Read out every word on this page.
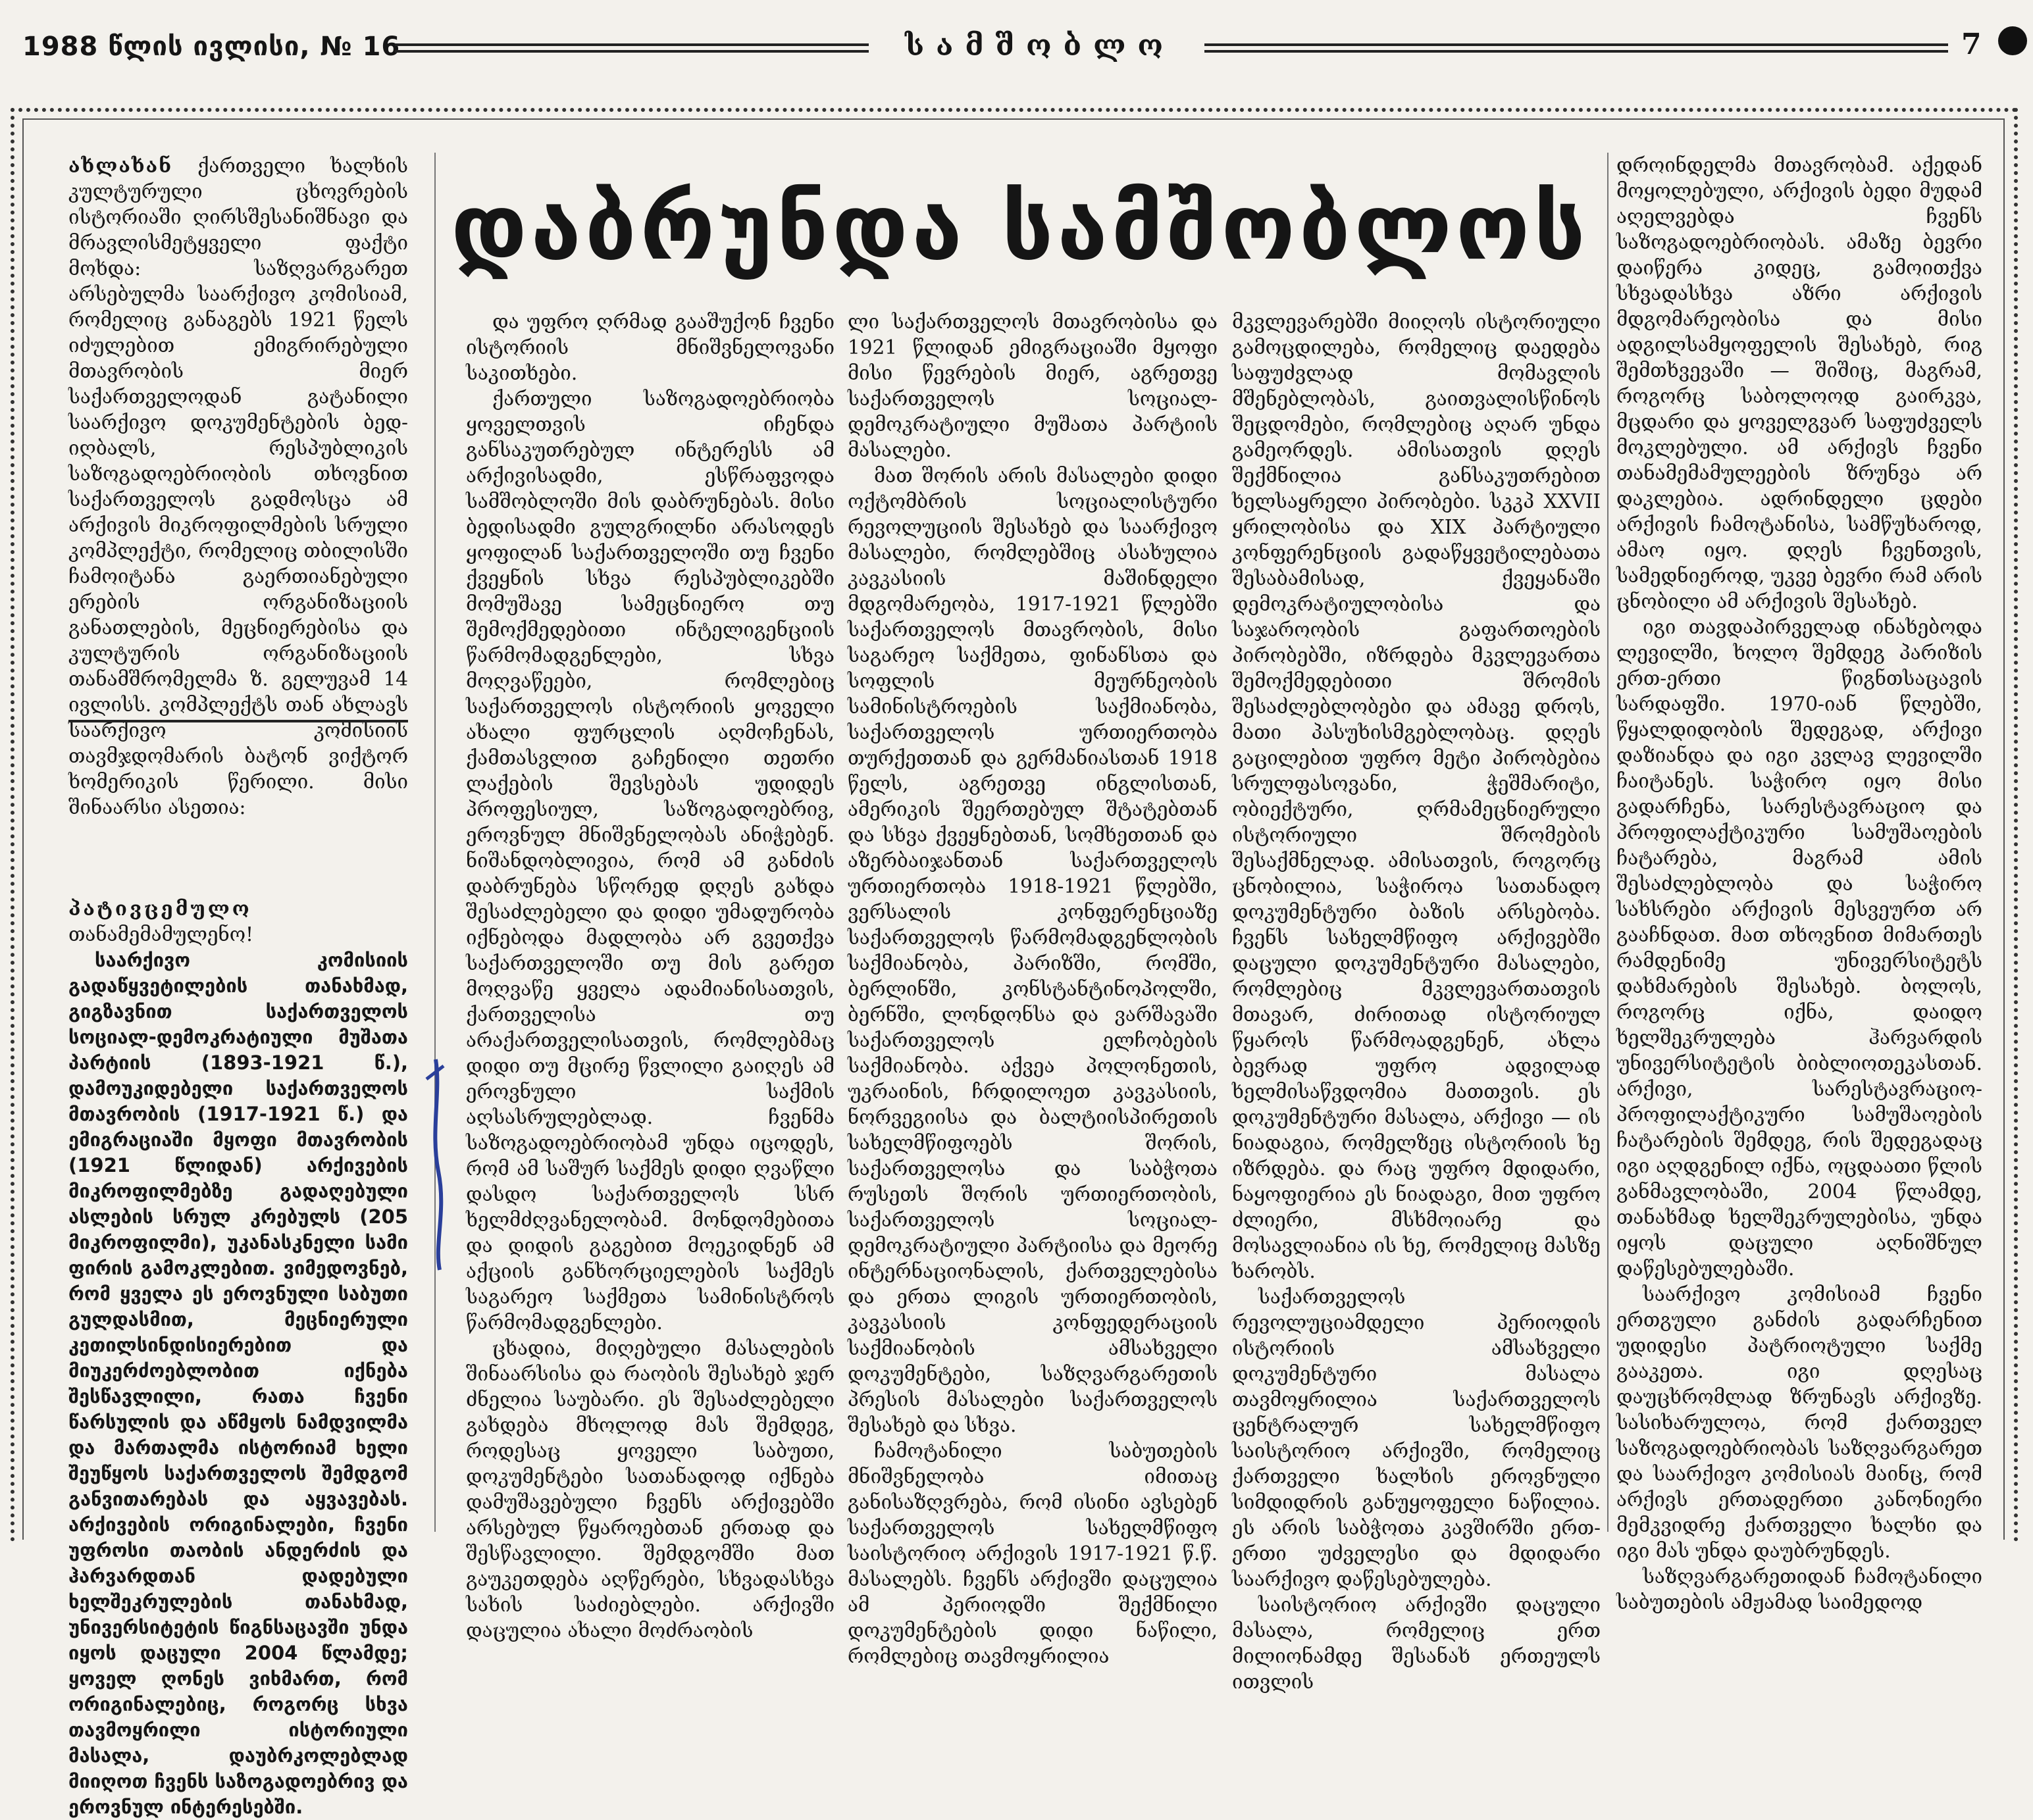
1988 წლის ივლისი, № 16	სამშობლო	7
დაბრუნდა სამშობლოს

ახლახან ქართველი ხალხის კულტურული ცხოვრების ისტორიაში ღირსშესანიშნავი და მრავლისმეტყველი ფაქტი მოხდა: საზღვარგარეთ არსებულმა საარქივო კომისიამ, რომელიც განაგებს 1921 წელს იძულებით ემიგრირებული მთავრობის მიერ საქართველოდან გატანილი საარქივო დოკუმენტების ბედ-იღბალს, რესპუბლიკის საზოგადოებრიობის თხოვნით საქართველოს გადმოსცა ამ არქივის მიკროფილმების სრული კომპლექტი, რომელიც თბილისში ჩამოიტანა გაერთიანებული ერების ორგანიზაციის განათლების, მეცნიერებისა და კულტურის ორგანიზაციის თანამშრომელმა ზ. გელუვამ 14 ივლისს. კომპლექტს თან ახლავს საარქივო კომისიის თავმჯდომარის ბატონ ვიქტორ ხომერიკის წერილი. მისი შინაარსი ასეთია:

პატივცემულო თანამემამულენო!

საარქივო კომისიის გადაწყვეტილების თანახმად, გიგზავნით საქართველოს სოციალ-დემოკრატიული მუშათა პარტიის (1893-1921 წ.), დამოუკიდებელი საქართველოს მთავრობის (1917-1921 წ.) და ემიგრაციაში მყოფი მთავრობის (1921 წლიდან) არქივების მიკროფილმებზე გადაღებული ასლების სრულ კრებულს (205 მიკროფილმი), უკანასკნელი სამი ფირის გამოკლებით. ვიმედოვნებ, რომ ყველა ეს ეროვნული საბუთი გულდასმით, მეცნიერული კეთილსინდისიერებით და მიუკერძოებლობით იქნება შესწავლილი, რათა ჩვენი წარსულის და აწმყოს ნამდვილმა და მართალმა ისტორიამ ხელი შეუწყოს საქართველოს შემდგომ განვითარებას და აყვავებას. არქივების ორიგინალები, ჩვენი უფროსი თაობის ანდერძის და ჰარვარდთან დადებული ხელშეკრულების თანახმად, უნივერსიტეტის წიგნსაცავში უნდა იყოს დაცული 2004 წლამდე; ყოველ ღონეს ვიხმართ, რომ ორიგინალებიც, როგორც სხვა თავმოყრილი ისტორიული მასალა, დაუბრკოლებლად მიიღოთ ჩვენს საზოგადოებრივ და ეროვნულ ინტერესებში.

და უფრო ღრმად გააშუქონ ჩვენი ისტორიის მნიშვნელოვანი საკითხები.

ქართული საზოგადოებრიობა ყოველთვის იჩენდა განსაკუთრებულ ინტერესს ამ არქივისადმი, ესწრაფვოდა სამშობლოში მის დაბრუნებას. მისი ბედისადმი გულგრილნი არასოდეს ყოფილან საქართველოში თუ ჩვენი ქვეყნის სხვა რესპუბლიკებში მომუშავე სამეცნიერო თუ შემოქმედებითი ინტელიგენციის წარმომადგენლები, სხვა მოღვაწეები, რომლებიც საქართველოს ისტორიის ყოველი ახალი ფურცლის აღმოჩენას, ქამთასვლით გაჩენილი თეთრი ლაქების შევსებას უდიდეს პროფესიულ, საზოგადოებრივ, ეროვნულ მნიშვნელობას ანიჭებენ. ნიშანდობლივია, რომ ამ განძის დაბრუნება სწორედ დღეს გახდა შესაძლებელი და დიდი უმადურობა იქნებოდა მადლობა არ გვეთქვა საქართველოში თუ მის გარეთ მოღვაწე ყველა ადამიანისათვის, ქართველისა თუ არაქართველისათვის, რომლებმაც დიდი თუ მცირე წვლილი გაიღეს ამ ეროვნული საქმის აღსასრულებლად. ჩვენმა საზოგადოებრიობამ უნდა იცოდეს, რომ ამ საშურ საქმეს დიდი ღვაწლი დასდო საქართველოს სსრ ხელმძღვანელობამ. მონდომებითა და დიდის გაგებით მოეკიდნენ ამ აქციის განხორციელების საქმეს საგარეო საქმეთა სამინისტროს წარმომადგენლები.

ცხადია, მიღებული მასალების შინაარსისა და რაობის შესახებ ჯერ ძნელია საუბარი. ეს შესაძლებელი გახდება მხოლოდ მას შემდეგ, როდესაც ყოველი საბუთი, დოკუმენტები სათანადოდ იქნება დამუშავებული ჩვენს არქივებში არსებულ წყაროებთან ერთად და შესწავლილი. შემდგომში მათ გაუკეთდება აღწერები, სხვადასხვა სახის საძიებლები. არქივში დაცულია ახალი მოძრაობის

ლი საქართველოს მთავრობისა და 1921 წლიდან ემიგრაციაში მყოფი მისი წევრების მიერ, აგრეთვე საქართველოს სოციალ-დემოკრატიული მუშათა პარტიის მასალები.

მათ შორის არის მასალები დიდი ოქტომბრის სოციალისტური რევოლუციის შესახებ და საარქივო მასალები, რომლებშიც ასახულია კავკასიის მაშინდელი მდგომარეობა, 1917-1921 წლებში საქართველოს მთავრობის, მისი საგარეო საქმეთა, ფინანსთა და სოფლის მეურნეობის სამინისტროების საქმიანობა, საქართველოს ურთიერთობა თურქეთთან და გერმანიასთან 1918 წელს, აგრეთვე ინგლისთან, ამერიკის შეერთებულ შტატებთან და სხვა ქვეყნებთან, სომხეთთან და აზერბაიჯანთან საქართველოს ურთიერთობა 1918-1921 წლებში, ვერსალის კონფერენციაზე საქართველოს წარმომადგენლობის საქმიანობა, პარიზში, რომში, ბერლინში, კონსტანტინოპოლში, ბერნში, ლონდონსა და ვარშავაში საქართველოს ელჩობების საქმიანობა. აქვეა პოლონეთის, უკრაინის, ჩრდილოეთ კავკასიის, ნორვეგიისა და ბალტიისპირეთის სახელმწიფოებს შორის, საქართველოსა და საბჭოთა რუსეთს შორის ურთიერთობის, საქართველოს სოციალ-დემოკრატიული პარტიისა და მეორე ინტერნაციონალის, ქართველებისა და ერთა ლიგის ურთიერთობის, კავკასიის კონფედერაციის საქმიანობის ამსახველი დოკუმენტები, საზღვარგარეთის პრესის მასალები საქართველოს შესახებ და სხვა.

ჩამოტანილი საბუთების მნიშვნელობა იმითაც განისაზღვრება, რომ ისინი ავსებენ საქართველოს სახელმწიფო საისტორიო არქივის 1917-1921 წ.წ. მასალებს. ჩვენს არქივში დაცულია ამ პერიოდში შექმნილი დოკუმენტების დიდი ნაწილი, რომლებიც თავმოყრილია

მკვლევარებში მიიღოს ისტორიული გამოცდილება, რომელიც დაედება საფუძვლად მომავლის მშენებლობას, გაითვალისწინოს შეცდომები, რომლებიც აღარ უნდა გამეორდეს. ამისათვის დღეს შექმნილია განსაკუთრებით ხელსაყრელი პირობები. სკკპ XXVII ყრილობისა და XIX პარტიული კონფერენციის გადაწყვეტილებათა შესაბამისად, ქვეყანაში დემოკრატიულობისა და საჯაროობის გაფართოების პირობებში, იზრდება მკვლევართა შემოქმედებითი შრომის შესაძლებლობები და ამავე დროს, მათი პასუხისმგებლობაც. დღეს გაცილებით უფრო მეტი პირობებია სრულფასოვანი, ჭეშმარიტი, ობიექტური, ღრმამეცნიერული ისტორიული შრომების შესაქმნელად. ამისათვის, როგორც ცნობილია, საჭიროა სათანადო დოკუმენტური ბაზის არსებობა. ჩვენს სახელმწიფო არქივებში დაცული დოკუმენტური მასალები, რომლებიც მკვლევართათვის მთავარ, ძირითად ისტორიულ წყაროს წარმოადგენენ, ახლა ბევრად უფრო ადვილად ხელმისაწვდომია მათთვის. ეს დოკუმენტური მასალა, არქივი — ის ნიადაგია, რომელზეც ისტორიის ხე იზრდება. და რაც უფრო მდიდარი, ნაყოფიერია ეს ნიადაგი, მით უფრო ძლიერი, მსხმოიარე და მოსავლიანია ის ხე, რომელიც მასზე ხარობს.

საქართველოს რევოლუციამდელი პერიოდის ისტორიის ამსახველი დოკუმენტური მასალა თავმოყრილია საქართველოს ცენტრალურ სახელმწიფო საისტორიო არქივში, რომელიც ქართველი ხალხის ეროვნული სიმდიდრის განუყოფელი ნაწილია. ეს არის საბჭოთა კავშირში ერთ-ერთი უძველესი და მდიდარი საარქივო დაწესებულება.

საისტორიო არქივში დაცული მასალა, რომელიც ერთ მილიონამდე შესანახ ერთეულს ითვლის

დროინდელმა მთავრობამ. აქედან მოყოლებული, არქივის ბედი მუდამ აღელვებდა ჩვენს საზოგადოებრიობას. ამაზე ბევრი დაიწერა კიდეც, გამოითქვა სხვადასხვა აზრი არქივის მდგომარეობისა და მისი ადგილსამყოფელის შესახებ, რიგ შემთხვევაში — შიშიც, მაგრამ, როგორც საბოლოოდ გაირკვა, მცდარი და ყოველგვარ საფუძველს მოკლებული. ამ არქივს ჩვენი თანამემამულეების ზრუნვა არ დაკლებია. ადრინდელი ცდები არქივის ჩამოტანისა, სამწუხაროდ, ამაო იყო. დღეს ჩვენთვის, სამედნიეროდ, უკვე ბევრი რამ არის ცნობილი ამ არქივის შესახებ.

იგი თავდაპირველად ინახებოდა ლევილში, ხოლო შემდეგ პარიზის ერთ-ერთი წიგნთსაცავის სარდაფში. 1970-იან წლებში, წყალდიდობის შედეგად, არქივი დაზიანდა და იგი კვლავ ლევილში ჩაიტანეს. საჭირო იყო მისი გადარჩენა, სარესტავრაციო და პროფილაქტიკური სამუშაოების ჩატარება, მაგრამ ამის შესაძლებლობა და საჭირო სახსრები არქივის მესვეურთ არ გააჩნდათ. მათ თხოვნით მიმართეს რამდენიმე უნივერსიტეტს დახმარების შესახებ. ბოლოს, როგორც იქნა, დაიდო ხელშეკრულება ჰარვარდის უნივერსიტეტის ბიბლიოთეკასთან. არქივი, სარესტავრაციო-პროფილაქტიკური სამუშაოების ჩატარების შემდეგ, რის შედეგადაც იგი აღდგენილ იქნა, ოცდაათი წლის განმავლობაში, 2004 წლამდე, თანახმად ხელშეკრულებისა, უნდა იყოს დაცული აღნიშნულ დაწესებულებაში.

საარქივო კომისიამ ჩვენი ერთგული განძის გადარჩენით უდიდესი პატრიოტული საქმე გააკეთა. იგი დღესაც დაუცხრომლად ზრუნავს არქივზე. სასიხარულოა, რომ ქართველ საზოგადოებრიობას საზღვარგარეთ და საარქივო კომისიას მაინც, რომ არქივს ერთადერთი კანონიერი მემკვიდრე ქართველი ხალხი და იგი მას უნდა დაუბრუნდეს.

საზღვარგარეთიდან ჩამოტანილი საბუთების ამჟამად საიმედოდ
